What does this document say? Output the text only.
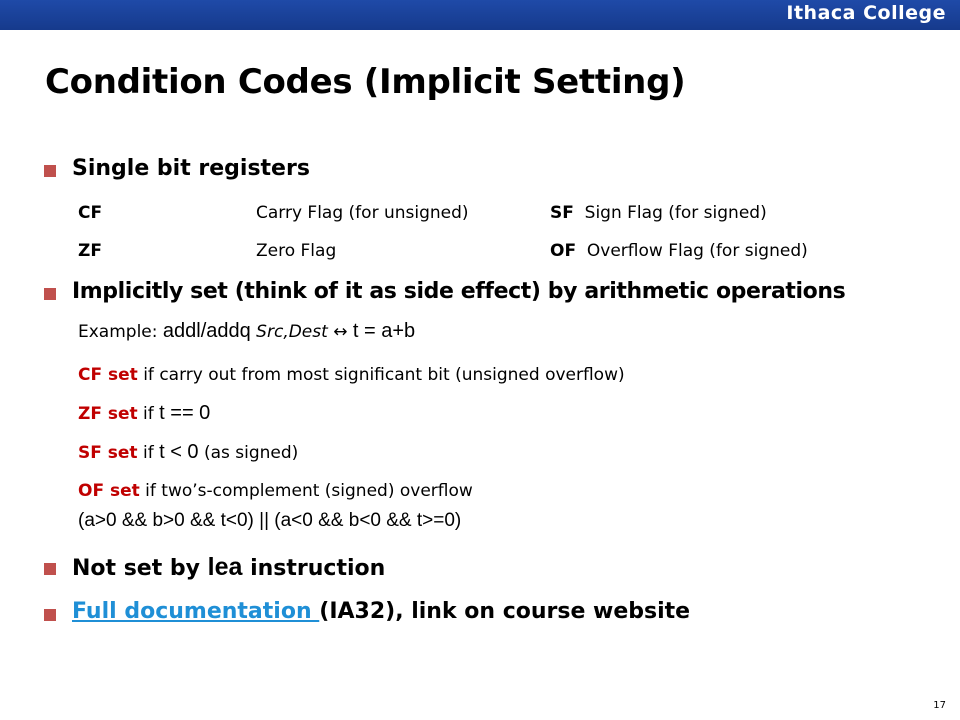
Ithaca College
Condition Codes (Implicit Setting)

Single bit registers

CF	Carry Flag (for unsigned)	SF Sign Flag (for signed)
ZF	Zero Flag	OF Overflow Flag (for signed)

Implicitly set (think of it as side effect) by arithmetic operations

Example: addl/addq Src,Dest ↔ t = a+b
CF set if carry out from most significant bit (unsigned overflow)
ZF set if t == 0
SF set if t < 0 (as signed)
OF set if two’s-complement (signed) overflow
(a>0 && b>0 && t<0) || (a<0 && b<0 && t>=0)

Not set by lea instruction

Full documentation (IA32), link on course website

17
